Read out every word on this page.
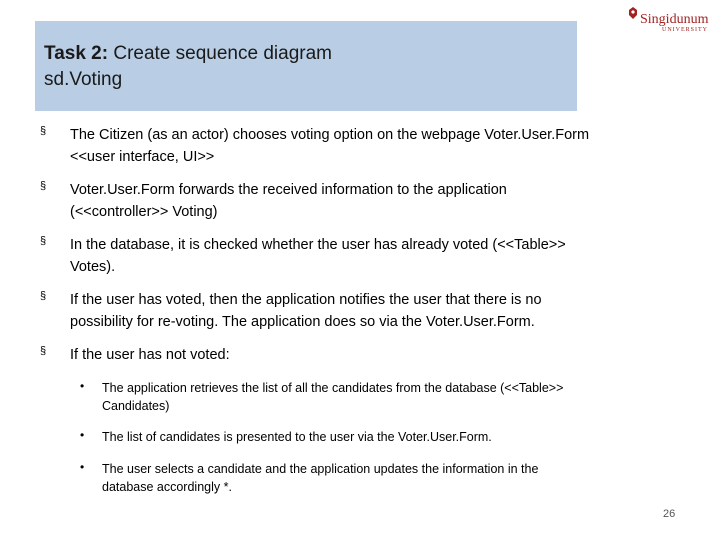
Task 2: Create sequence diagram
sd.Voting
Singidunum
UNIVERSITY
§ The Citizen (as an actor) chooses voting option on the webpage Voter.User.Form
<<user interface, UI>>
§ Voter.User.Form forwards the received information to the application
(<<controller>> Voting)
§ In the database, it is checked whether the user has already voted (<<Table>>
Votes).
§ If the user has voted, then the application notifies the user that there is no
possibility for re-voting. The application does so via the Voter.User.Form.
§ If the user has not voted:
• The application retrieves the list of all the candidates from the database (<<Table>>
Candidates)
• The list of candidates is presented to the user via the Voter.User.Form.
• The user selects a candidate and the application updates the information in the
database accordingly *.
26
